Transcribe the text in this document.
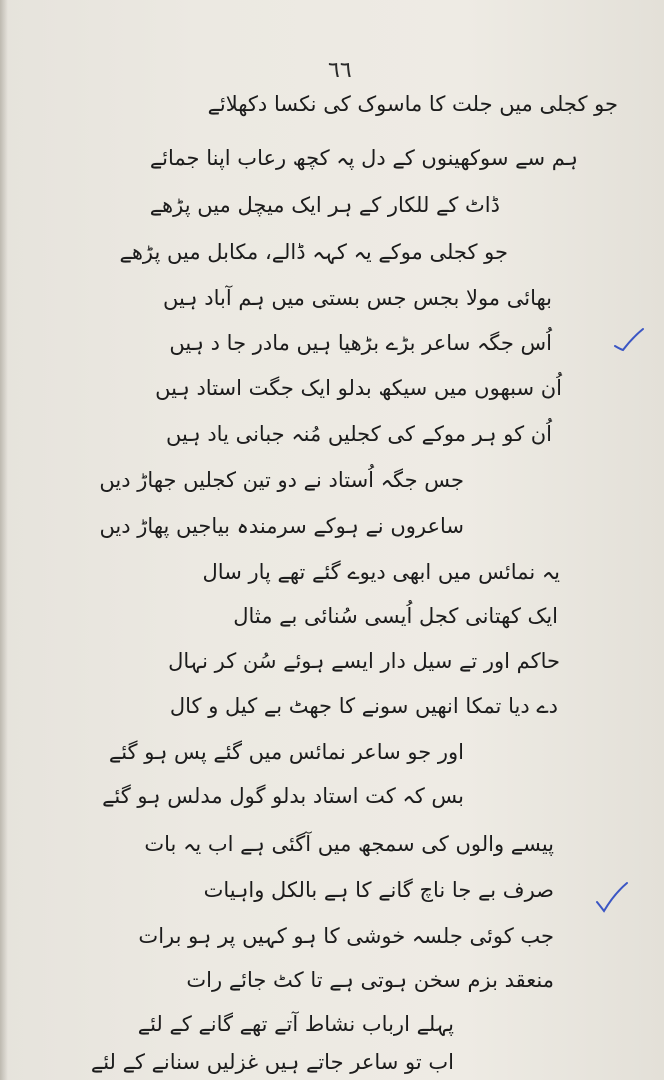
٦٦
جو کجلی میں جلت کا ماسوک کی نکسا دکھلائے
ہم سے سوکھینوں کے دل پہ کچھ رعاب اپنا جمائے
ڈاٹ کے للکار کے ہر ایک میچل میں پڑھے
جو کجلی موکے یہ کہہ ڈالے، مکابل میں پڑھے
بھائی مولا بجس جس بستی میں ہم آباد ہیں
اُس جگہ ساعر بڑے بڑھیا ہیں مادر جا د ہیں
اُن سبھوں میں سیکھ بدلو ایک جگت استاد ہیں
اُن کو ہر موکے کی کجلیں مُنہ جبانی یاد ہیں
جس جگہ اُستاد نے دو تین کجلیں جھاڑ دیں
ساعروں نے ہوکے سرمندہ بیاجیں پھاڑ دیں
یہ نمائس میں ابھی دیوے گئے تھے پار سال
ایک کھتانی کجل اُیسی سُنائی بے مثال
حاکم اور تے سیل دار ایسے ہوئے سُن کر نہال
دے دیا تمکا انھیں سونے کا جھٹ بے کیل و کال
اور جو ساعر نمائس میں گئے پس ہو گئے
بس کہ کت استاد بدلو گول مدلس ہو گئے
پیسے والوں کی سمجھ میں آگئی ہے اب یہ بات
صرف بے جا ناچ گانے کا ہے بالکل واہیات
جب کوئی جلسہ خوشی کا ہو کہیں پر ہو برات
منعقد بزم سخن ہوتی ہے تا کٹ جائے رات
پہلے ارباب نشاط آتے تھے گانے کے لئے
اب تو ساعر جاتے ہیں غزلیں سنانے کے لئے
